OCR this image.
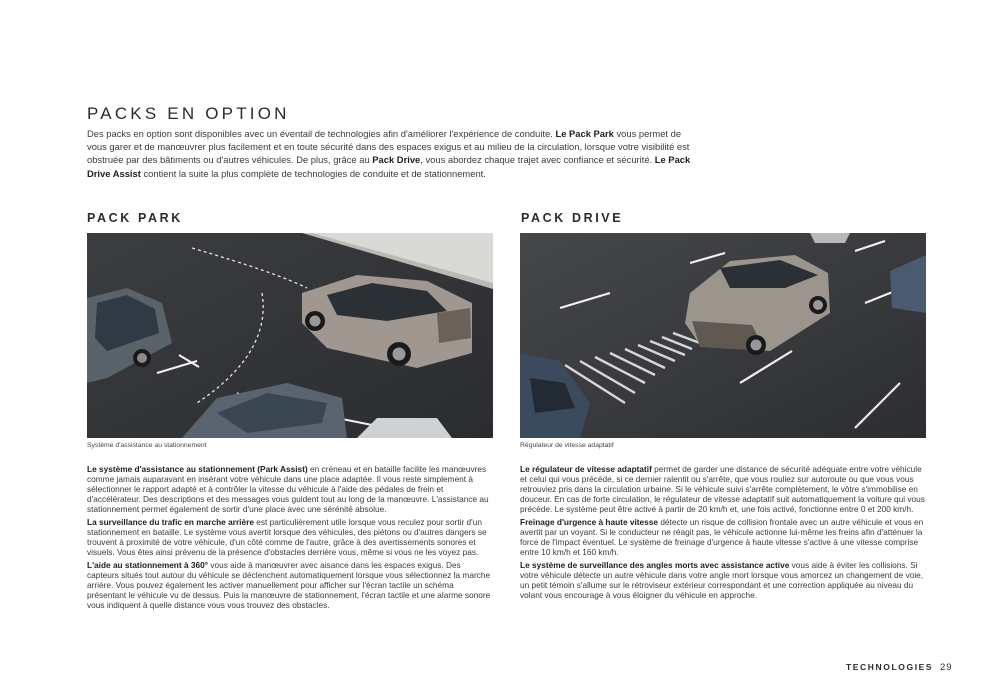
PACKS EN OPTION

Des packs en option sont disponibles avec un éventail de technologies afin d'améliorer l'expérience de conduite. Le Pack Park vous permet de vous garer et de manœuvrer plus facilement et en toute sécurité dans des espaces exigus et au milieu de la circulation, lorsque votre visibilité est obstruée par des bâtiments ou d'autres véhicules. De plus, grâce au Pack Drive, vous abordez chaque trajet avec confiance et sécurité. Le Pack Drive Assist contient la suite la plus complète de technologies de conduite et de stationnement.

PACK PARK
Système d'assistance au stationnement

Le système d'assistance au stationnement (Park Assist) en créneau et en bataille facilite les manœuvres comme jamais auparavant en insérant votre véhicule dans une place adaptée. Il vous reste simplement à sélectionner le rapport adapté et à contrôler la vitesse du véhicule à l'aide des pédales de frein et d'accélérateur. Des descriptions et des messages vous guident tout au long de la manœuvre. L'assistance au stationnement permet également de sortir d'une place avec une sérénité absolue.

La surveillance du trafic en marche arrière est particulièrement utile lorsque vous reculez pour sortir d'un stationnement en bataille. Le système vous avertit lorsque des véhicules, des piétons ou d'autres dangers se trouvent à proximité de votre véhicule, d'un côté comme de l'autre, grâce à des avertissements sonores et visuels. Vous êtes ainsi prévenu de la présence d'obstacles derrière vous, même si vous ne les voyez pas.

L'aide au stationnement à 360° vous aide à manœuvrer avec aisance dans les espaces exigus. Des capteurs situés tout autour du véhicule se déclenchent automatiquement lorsque vous sélectionnez la marche arrière. Vous pouvez également les activer manuellement pour afficher sur l'écran tactile un schéma présentant le véhicule vu de dessus. Puis la manœuvre de stationnement, l'écran tactile et une alarme sonore vous indiquent à quelle distance vous vous trouvez des obstacles.

PACK DRIVE
Régulateur de vitesse adaptatif

Le régulateur de vitesse adaptatif permet de garder une distance de sécurité adéquate entre votre véhicule et celui qui vous précède, si ce dernier ralentit ou s'arrête, que vous rouliez sur autoroute ou que vous vous retrouviez pris dans la circulation urbaine. Si le véhicule suivi s'arrête complètement, le vôtre s'immobilise en douceur. En cas de forte circulation, le régulateur de vitesse adaptatif suit automatiquement la voiture qui vous précède. Le système peut être activé à partir de 20 km/h et, une fois activé, fonctionne entre 0 et 200 km/h.

Freinage d'urgence à haute vitesse détecte un risque de collision frontale avec un autre véhicule et vous en avertit par un voyant. Si le conducteur ne réagit pas, le véhicule actionne lui-même les freins afin d'atténuer la force de l'impact éventuel. Le système de freinage d'urgence à haute vitesse s'active à une vitesse comprise entre 10 km/h et 160 km/h.

Le système de surveillance des angles morts avec assistance active vous aide à éviter les collisions. Si votre véhicule détecte un autre véhicule dans votre angle mort lorsque vous amorcez un changement de voie, un petit témoin s'allume sur le rétroviseur extérieur correspondant et une correction appliquée au niveau du volant vous encourage à vous éloigner du véhicule en approche.

TECHNOLOGIES 29
